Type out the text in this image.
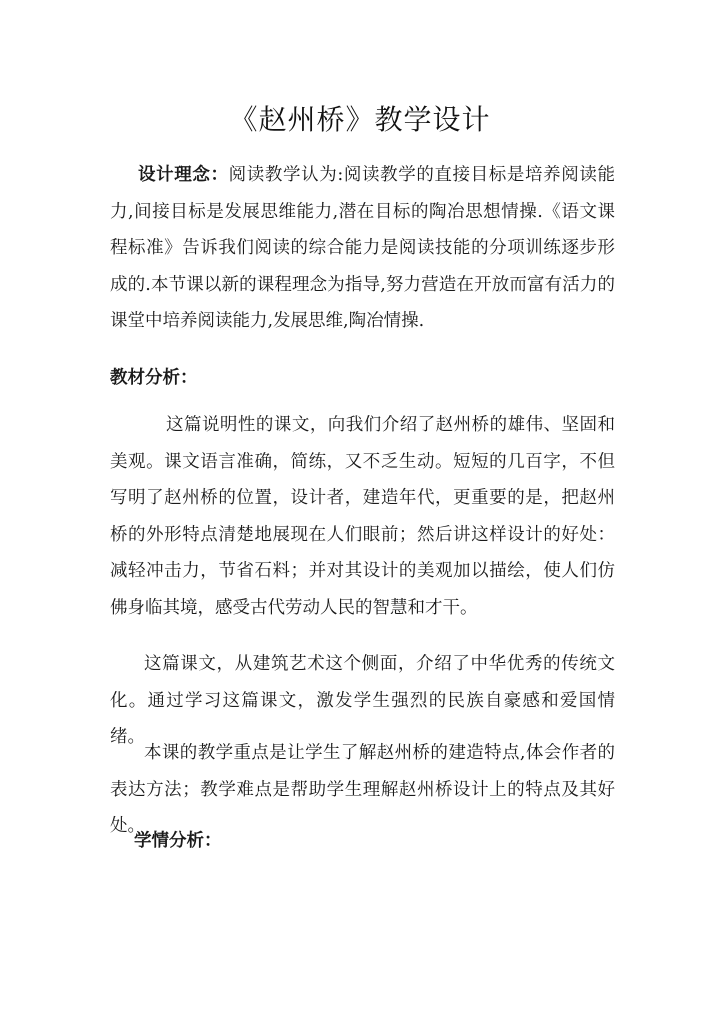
《赵州桥》教学设计
设计理念：阅读教学认为:阅读教学的直接目标是培养阅读能力,间接目标是发展思维能力,潜在目标的陶冶思想情操.《语文课程标准》告诉我们阅读的综合能力是阅读技能的分项训练逐步形成的.本节课以新的课程理念为指导,努力营造在开放而富有活力的课堂中培养阅读能力,发展思维,陶冶情操.
教材分析：
这篇说明性的课文，向我们介绍了赵州桥的雄伟、坚固和美观。课文语言准确，简练，又不乏生动。短短的几百字，不但写明了赵州桥的位置，设计者，建造年代，更重要的是，把赵州桥的外形特点清楚地展现在人们眼前；然后讲这样设计的好处：减轻冲击力，节省石料；并对其设计的美观加以描绘，使人们仿佛身临其境，感受古代劳动人民的智慧和才干。
这篇课文，从建筑艺术这个侧面，介绍了中华优秀的传统文化。通过学习这篇课文，激发学生强烈的民族自豪感和爱国情绪。
本课的教学重点是让学生了解赵州桥的建造特点,体会作者的表达方法；教学难点是帮助学生理解赵州桥设计上的特点及其好处。
学情分析：
